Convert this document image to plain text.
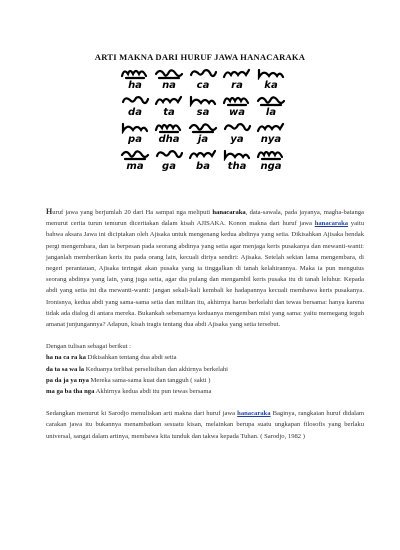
ARTI MAKNA DARI HURUF JAWA HANACARAKA
ha na ca ra ka
da ta sa wa la
pa dha ja ya nya
ma ga ba tha nga

Huruf jawa yang berjumlah 20 dari Ha sampai nga meliputi hanacaraka, data-sawala, pada jayanya, magha-batanga menurut cerita turun temurun diceritakan dalam kisah AJISAKA. Konon makna dari huruf jawa hanacaraka yaitu bahwa aksara Jawa ini diciptakan oleh Ajisaka untuk mengenang kedua abdinya yang setia. Dikisahkan Ajisaka hendak pergi mengembara, dan ia berpesan pada seorang abdinya yang setia agar menjaga keris pusakanya dan mewanti-wanti: janganlah memberikan keris itu pada orang lain, kecuali diriya sendiri: Ajisaka. Setelah sekian lama mengembara, di negeri perantauan, Ajisaka teringat akan pusaka yang ia tinggalkan di tanah kelahirannya. Maka ia pun mengutus seorang abdinya yang lain, yang juga setia, agar dia pulang dan mengambil keris pusaka itu di tanah leluhur. Kepada abdi yang setia ini dia mewanti-wanti: jangan sekali-kali kembali ke hadapannya kecuali membawa keris pusakanya. Ironisnya, kedua abdi yang sama-sama setia dan militan itu, akhirnya harus berkelahi dan tewas bersama: hanya karena tidak ada dialog di antara mereka. Bukankah sebenarnya keduanya mengemban misi yang sama: yaitu memegang teguh amanat junjungannya? Adapun, kisah tragis tentang dua abdi Ajisaka yang setia tersebut.

Dengan tulisan sebagai berikut :

ha na ca ra ka Dikisahkan tentang dua abdi setia

da ta sa wa la Keduanya terlibat perselisihan dan akhirnya berkelahi

pa da ja ya nya Mereka sama-sama kuat dan tangguh ( sakti )

ma ga ba tha nga Akhirnya kedua abdi itu pun tewas bersama

Sedangkan menurut ki Sarodjo menuliskan arti makna dari huruf jawa hanacaraka Baginya, rangkaian huruf didalam carakan jawa itu bukannya menambatkan sesuatu kisan, melainkan berupa suatu ungkapan filosofis yang berlaku universal, sangat dalam artinya, membawa kita tunduk dan takwa kepada Tuhan. ( Sarodjo, 1982 )
